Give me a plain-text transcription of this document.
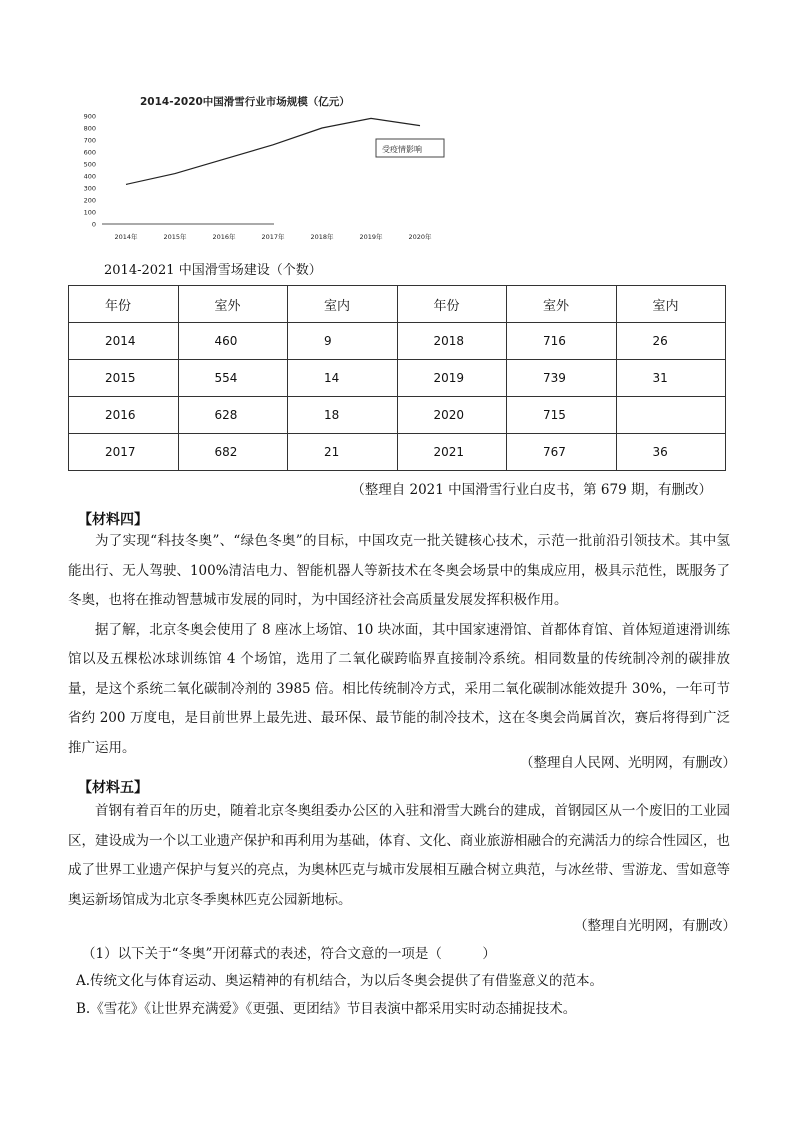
2014-2020中国滑雪行业市场规模（亿元）
0
100
200
300
400
500
600
700
800
900
2014年	2015年	2016年	2017年	2018年	2019年	2020年
受疫情影响
2014-2021 中国滑雪场建设（个数）
年份	室外	室内	年份	室外	室内
2014	460	9	2018	716	26
2015	554	14	2019	739	31
2016	628	18	2020	715	
2017	682	21	2021	767	36
（整理自 2021 中国滑雪行业白皮书，第 679 期，有删改）
【材料四】

为了实现“科技冬奥”、“绿色冬奥”的目标，中国攻克一批关键核心技术，示范一批前沿引领技术。其中氢能出行、无人驾驶、100%清洁电力、智能机器人等新技术在冬奥会场景中的集成应用，极具示范性，既服务了冬奥，也将在推动智慧城市发展的同时，为中国经济社会高质量发展发挥积极作用。

据了解，北京冬奥会使用了 8 座冰上场馆、10 块冰面，其中国家速滑馆、首都体育馆、首体短道速滑训练馆以及五棵松冰球训练馆 4 个场馆，选用了二氧化碳跨临界直接制冷系统。相同数量的传统制冷剂的碳排放量，是这个系统二氧化碳制冷剂的 3985 倍。相比传统制冷方式，采用二氧化碳制冰能效提升 30%，一年可节省约 200 万度电，是目前世界上最先进、最环保、最节能的制冷技术，这在冬奥会尚属首次，赛后将得到广泛推广运用。

（整理自人民网、光明网，有删改）
【材料五】

首钢有着百年的历史，随着北京冬奥组委办公区的入驻和滑雪大跳台的建成，首钢园区从一个废旧的工业园区，建设成为一个以工业遗产保护和再利用为基础，体育、文化、商业旅游相融合的充满活力的综合性园区，也成了世界工业遗产保护与复兴的亮点，为奥林匹克与城市发展相互融合树立典范，与冰丝带、雪游龙、雪如意等奥运新场馆成为北京冬季奥林匹克公园新地标。

（整理自光明网，有删改）
（1）以下关于“冬奥”开闭幕式的表述，符合文意的一项是（　　　）
A.传统文化与体育运动、奥运精神的有机结合，为以后冬奥会提供了有借鉴意义的范本。
B.《雪花》《让世界充满爱》《更强、更团结》节目表演中都采用实时动态捕捉技术。
